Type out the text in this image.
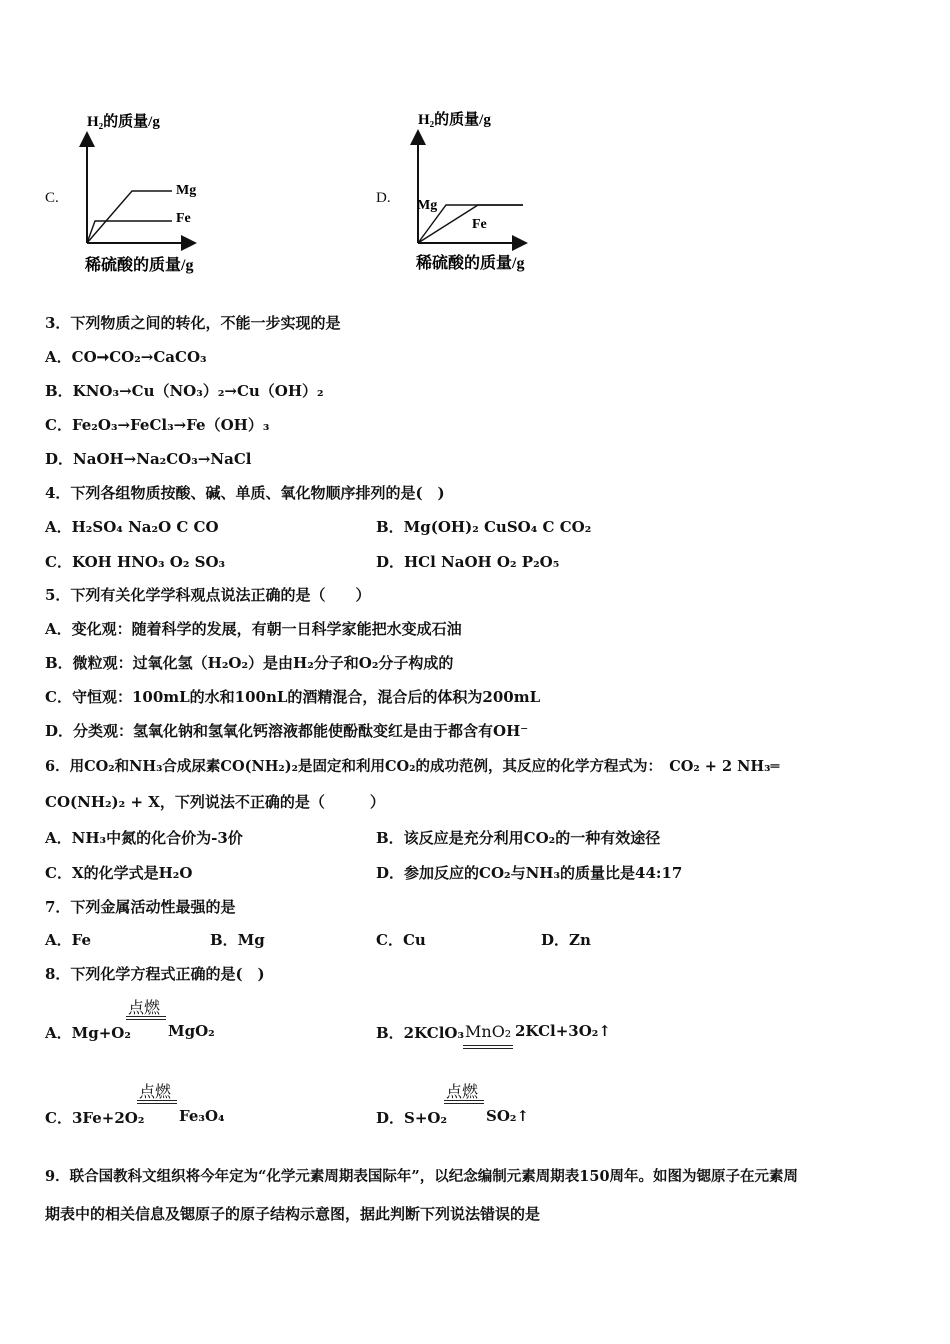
C.
H₂的质量/g
Mg
Fe
稀硫酸的质量/g
D.
H₂的质量/g
Mg
Fe
稀硫酸的质量/g
3．下列物质之间的转化，不能一步实现的是
A．CO➞CO₂→CaCO₃
B．KNO₃→Cu（NO₃）₂→Cu（OH）₂
C．Fe₂O₃→FeCl₃→Fe（OH）₃
D．NaOH→Na₂CO₃→NaCl
4．下列各组物质按酸、碱、单质、氧化物顺序排列的是(　)
A．H₂SO₄ Na₂O C CO	B．Mg(OH)₂ CuSO₄ C CO₂
C．KOH HNO₃ O₂ SO₃	D．HCl NaOH O₂ P₂O₅
5．下列有关化学学科观点说法正确的是（　　）
A．变化观：随着科学的发展，有朝一日科学家能把水变成石油
B．微粒观：过氧化氢（H₂O₂）是由H₂分子和O₂分子构成的
C．守恒观：100mL的水和100nL的酒精混合，混合后的体积为200mL
D．分类观：氢氧化钠和氢氧化钙溶液都能使酚酞变红是由于都含有OH⁻
6．用CO₂和NH₃合成尿素CO(NH₂)₂是固定和利用CO₂的成功范例，其反应的化学方程式为：　CO₂ + 2 NH₃═
CO(NH₂)₂ + X，下列说法不正确的是（　　　）
A．NH₃中氮的化合价为-3价	B．该反应是充分利用CO₂的一种有效途径
C．X的化学式是H₂O	D．参加反应的CO₂与NH₃的质量比是44:17
7．下列金属活动性最强的是
A．Fe	B．Mg	C．Cu	D．Zn
8．下列化学方程式正确的是(　)
A．Mg+O₂
点燃
MgO₂	B．2KClO₃ MnO₂ 2KCl+3O₂↑
C．3Fe+2O₂
点燃
Fe₃O₄	D．S+O₂
点燃
SO₂↑
9．联合国教科文组织将今年定为“化学元素周期表国际年”，以纪念编制元素周期表150周年。如图为锶原子在元素周
期表中的相关信息及锶原子的原子结构示意图，据此判断下列说法错误的是
